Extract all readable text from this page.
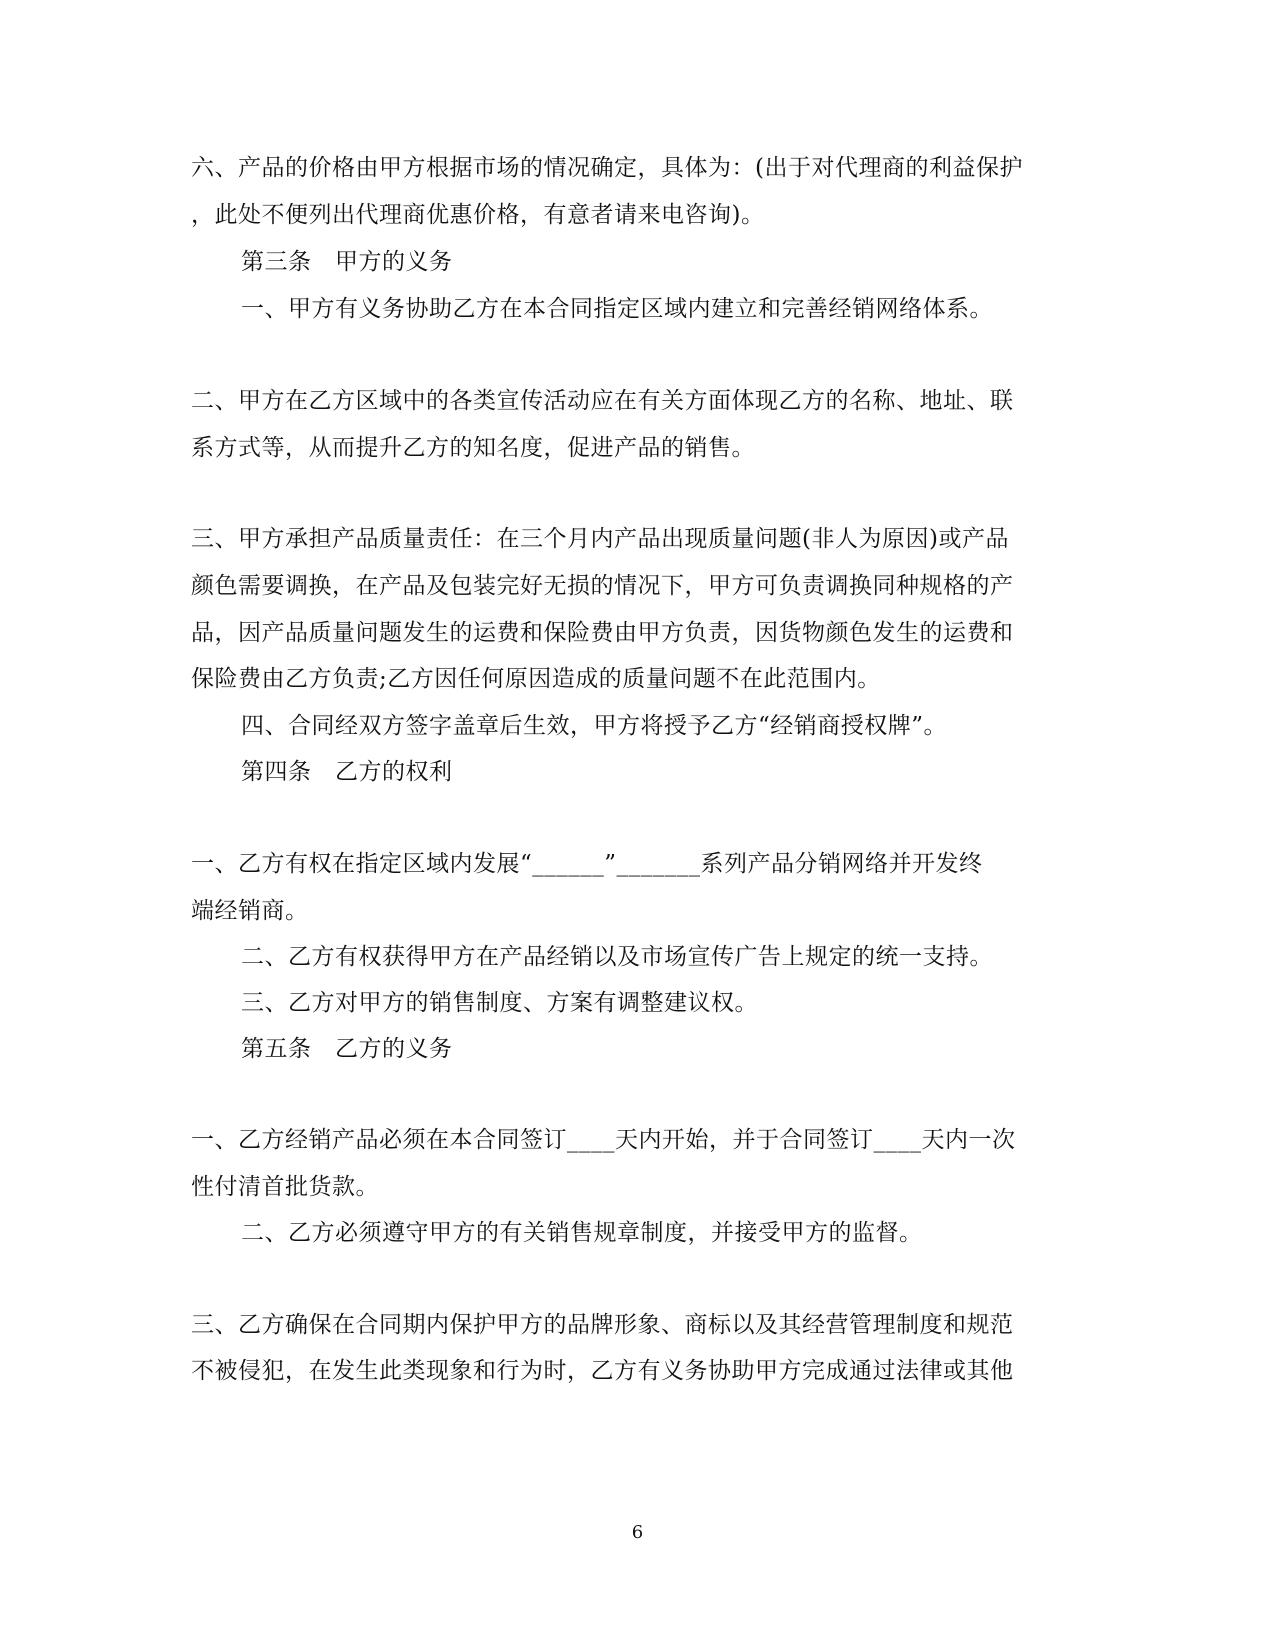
六、产品的价格由甲方根据市场的情况确定，具体为：(出于对代理商的利益保护
，此处不便列出代理商优惠价格，有意者请来电咨询)。
第三条　甲方的义务
一、甲方有义务协助乙方在本合同指定区域内建立和完善经销网络体系。
二、甲方在乙方区域中的各类宣传活动应在有关方面体现乙方的名称、地址、联
系方式等，从而提升乙方的知名度，促进产品的销售。
三、甲方承担产品质量责任：在三个月内产品出现质量问题(非人为原因)或产品
颜色需要调换，在产品及包装完好无损的情况下，甲方可负责调换同种规格的产
品，因产品质量问题发生的运费和保险费由甲方负责，因货物颜色发生的运费和
保险费由乙方负责;乙方因任何原因造成的质量问题不在此范围内。
四、合同经双方签字盖章后生效，甲方将授予乙方“经销商授权牌”。
第四条　乙方的权利
一、乙方有权在指定区域内发展“______”_______系列产品分销网络并开发终
端经销商。
二、乙方有权获得甲方在产品经销以及市场宣传广告上规定的统一支持。
三、乙方对甲方的销售制度、方案有调整建议权。
第五条　乙方的义务
一、乙方经销产品必须在本合同签订____天内开始，并于合同签订____天内一次
性付清首批货款。
二、乙方必须遵守甲方的有关销售规章制度，并接受甲方的监督。
三、乙方确保在合同期内保护甲方的品牌形象、商标以及其经营管理制度和规范
不被侵犯，在发生此类现象和行为时，乙方有义务协助甲方完成通过法律或其他
6
